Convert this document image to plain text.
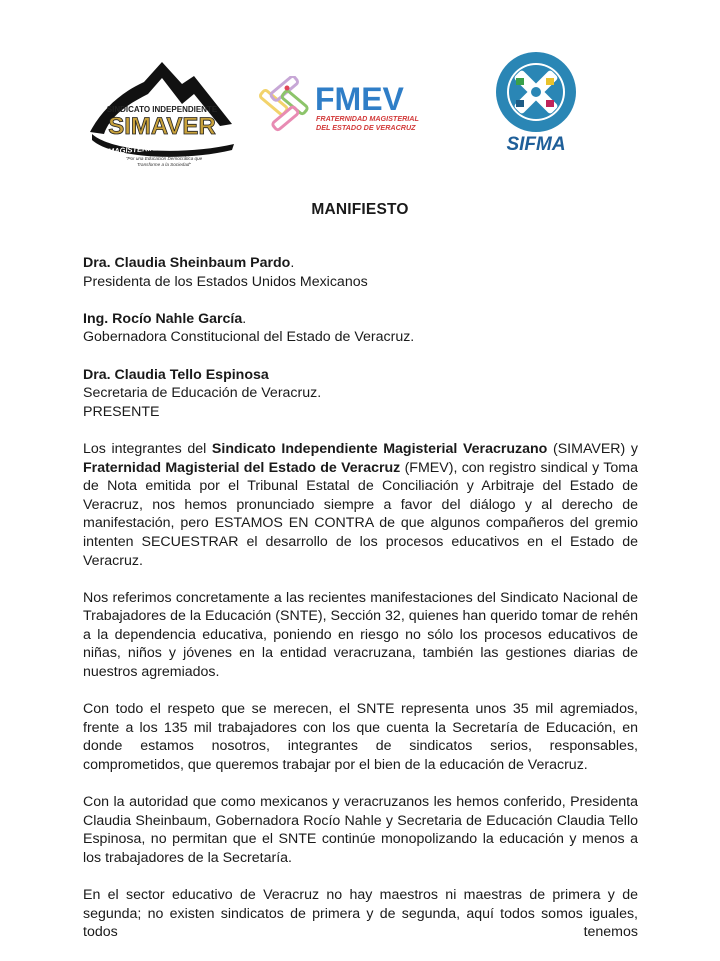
SINDICATO INDEPENDIENTE
SIMAVER
MAGISTERIAL VERACRUZANO
"Por una Educación Democrática que
Transforme a la Sociedad"
FMEV
FRATERNIDAD MAGISTERIAL
DEL ESTADO DE VERACRUZ
SIFMA
MANIFIESTO
Dra. Claudia Sheinbaum Pardo.
Presidenta de los Estados Unidos Mexicanos
Ing. Rocío Nahle García.
Gobernadora Constitucional del Estado de Veracruz.
Dra. Claudia Tello Espinosa
Secretaria de Educación de Veracruz.
PRESENTE

Los integrantes del Sindicato Independiente Magisterial Veracruzano (SIMAVER) y Fraternidad Magisterial del Estado de Veracruz (FMEV), con registro sindical y Toma de Nota emitida por el Tribunal Estatal de Conciliación y Arbitraje del Estado de Veracruz, nos hemos pronunciado siempre a favor del diálogo y al derecho de manifestación, pero ESTAMOS EN CONTRA de que algunos compañeros del gremio intenten SECUESTRAR el desarrollo de los procesos educativos en el Estado de Veracruz.

Nos referimos concretamente a las recientes manifestaciones del Sindicato Nacional de Trabajadores de la Educación (SNTE), Sección 32, quienes han querido tomar de rehén a la dependencia educativa, poniendo en riesgo no sólo los procesos educativos de niñas, niños y jóvenes en la entidad veracruzana, también las gestiones diarias de nuestros agremiados.

Con todo el respeto que se merecen, el SNTE representa unos 35 mil agremiados, frente a los 135 mil trabajadores con los que cuenta la Secretaría de Educación, en donde estamos nosotros, integrantes de sindicatos serios, responsables, comprometidos, que queremos trabajar por el bien de la educación de Veracruz.

Con la autoridad que como mexicanos y veracruzanos les hemos conferido, Presidenta Claudia Sheinbaum, Gobernadora Rocío Nahle y Secretaria de Educación Claudia Tello Espinosa, no permitan que el SNTE continúe monopolizando la educación y menos a los trabajadores de la Secretaría.

En el sector educativo de Veracruz no hay maestros ni maestras de primera y de segunda; no existen sindicatos de primera y de segunda, aquí todos somos iguales, todos tenemos
